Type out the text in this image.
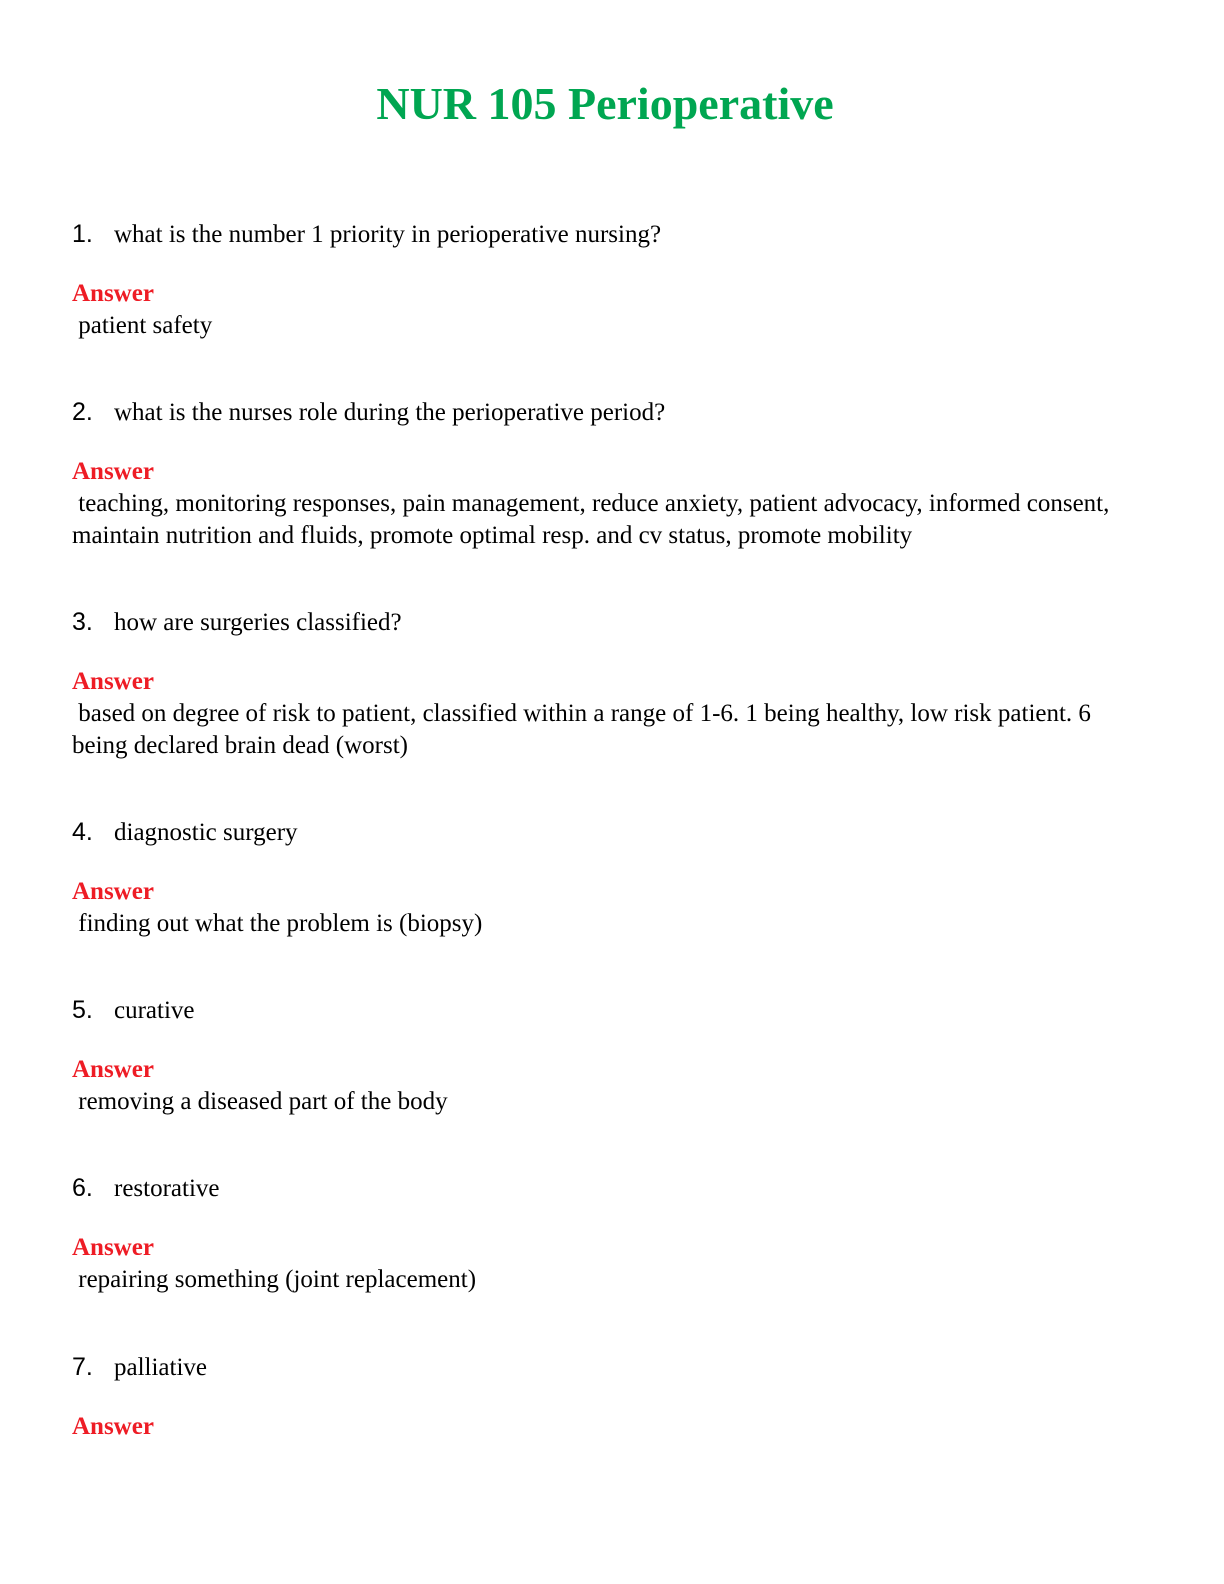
NUR 105 Perioperative
1. what is the number 1 priority in perioperative nursing?
Answer
patient safety
2. what is the nurses role during the perioperative period?
Answer
teaching, monitoring responses, pain management, reduce anxiety, patient advocacy, informed consent, maintain nutrition and fluids, promote optimal resp. and cv status, promote mobility
3. how are surgeries classified?
Answer
based on degree of risk to patient, classified within a range of 1-6. 1 being healthy, low risk patient. 6 being declared brain dead (worst)
4. diagnostic surgery
Answer
finding out what the problem is (biopsy)
5. curative
Answer
removing a diseased part of the body
6. restorative
Answer
repairing something (joint replacement)
7. palliative
Answer
